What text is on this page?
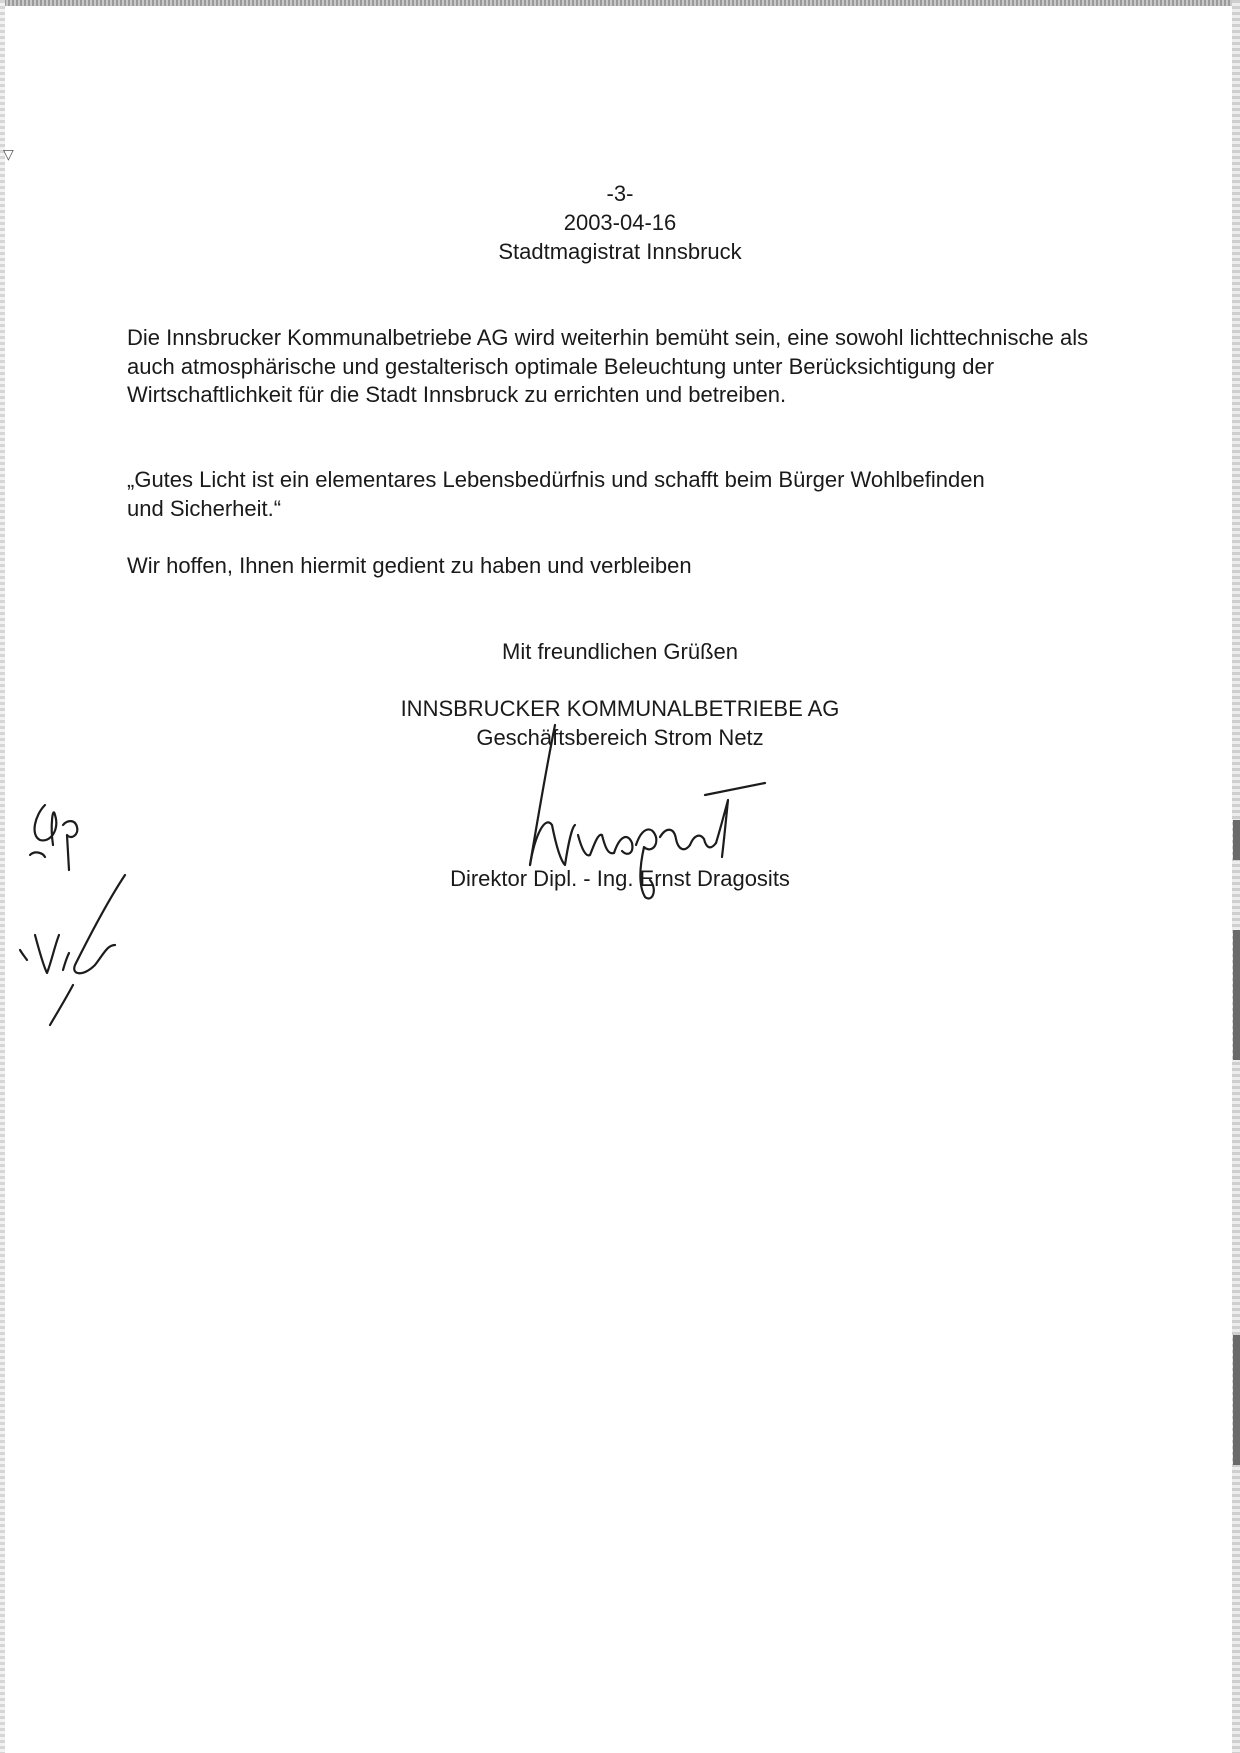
▽
-3-
2003-04-16
Stadtmagistrat Innsbruck

Die Innsbrucker Kommunalbetriebe AG wird weiterhin bemüht sein, eine sowohl lichttechnische als auch atmosphärische und gestalterisch optimale Beleuchtung unter Berücksichtigung der Wirtschaftlichkeit für die Stadt Innsbruck zu errichten und betreiben.

„Gutes Licht ist ein elementares Lebensbedürfnis und schafft beim Bürger Wohlbefinden und Sicherheit.“

Wir hoffen, Ihnen hiermit gedient zu haben und verbleiben

Mit freundlichen Grüßen
INNSBRUCKER KOMMUNALBETRIEBE AG
Geschäftsbereich Strom Netz
Direktor Dipl. - Ing. Ernst Dragosits
